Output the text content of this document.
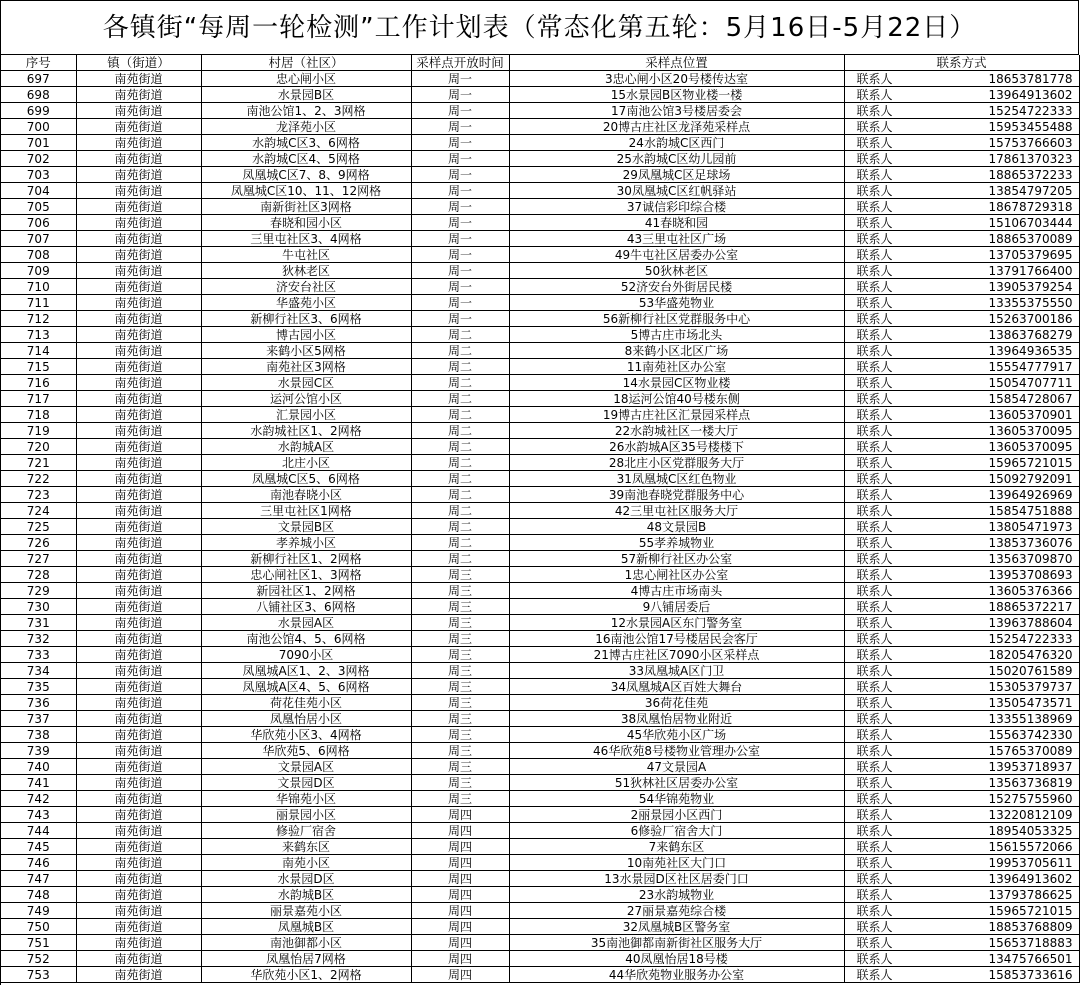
各镇街“每周一轮检测”工作计划表（常态化第五轮：5月16日-5月22日）
序号	镇（街道）	村居（社区）	采样点开放时间	采样点位置	联系方式
697	南苑街道	忠心闸小区	周一	3忠心闸小区20号楼传达室	联系人 18653781778

698	南苑街道	水景园B区	周一	15水景园B区物业楼一楼	联系人 13964913602

699	南苑街道	南池公馆1、2、3网格	周一	17南池公馆3号楼居委会	联系人 15254722333

700	南苑街道	龙泽苑小区	周一	20博古庄社区龙泽苑采样点	联系人 15953455488

701	南苑街道	水韵城C区3、6网格	周一	24水韵城C区西门	联系人 15753766603

702	南苑街道	水韵城C区4、5网格	周一	25水韵城C区幼儿园前	联系人 17861370323

703	南苑街道	凤凰城C区7、8、9网格	周一	29凤凰城C区足球场	联系人 18865372233

704	南苑街道	凤凰城C区10、11、12网格	周一	30凤凰城C区红帆驿站	联系人 13854797205

705	南苑街道	南新街社区3网格	周一	37诚信彩印综合楼	联系人 18678729318

706	南苑街道	春晓和园小区	周一	41春晓和园	联系人 15106703444

707	南苑街道	三里屯社区3、4网格	周一	43三里屯社区广场	联系人 18865370089

708	南苑街道	牛屯社区	周一	49牛屯社区居委办公室	联系人 13705379695

709	南苑街道	狄林老区	周一	50狄林老区	联系人 13791766400

710	南苑街道	济安台社区	周一	52济安台外街居民楼	联系人 13905379254

711	南苑街道	华盛苑小区	周一	53华盛苑物业	联系人 13355375550

712	南苑街道	新柳行社区3、6网格	周一	56新柳行社区党群服务中心	联系人 15263700186

713	南苑街道	博古园小区	周二	5博古庄市场北头	联系人 13863768279

714	南苑街道	来鹤小区5网格	周二	8来鹤小区北区广场	联系人 13964936535

715	南苑街道	南苑社区3网格	周二	11南苑社区办公室	联系人 15554777917

716	南苑街道	水景园C区	周二	14水景园C区物业楼	联系人 15054707711

717	南苑街道	运河公馆小区	周二	18运河公馆40号楼东侧	联系人 15854728067

718	南苑街道	汇景园小区	周二	19博古庄社区汇景园采样点	联系人 13605370901

719	南苑街道	水韵城社区1、2网格	周二	22水韵城社区一楼大厅	联系人 13605370095

720	南苑街道	水韵城A区	周二	26水韵城A区35号楼楼下	联系人 13605370095

721	南苑街道	北庄小区	周二	28北庄小区党群服务大厅	联系人 15965721015

722	南苑街道	凤凰城C区5、6网格	周二	31凤凰城C区红色物业	联系人 15092792091

723	南苑街道	南池春晓小区	周二	39南池春晓党群服务中心	联系人 13964926969

724	南苑街道	三里屯社区1网格	周二	42三里屯社区服务大厅	联系人 15854751888

725	南苑街道	文景园B区	周二	48文景园B	联系人 13805471973

726	南苑街道	孝养城小区	周二	55孝养城物业	联系人 13853736076

727	南苑街道	新柳行社区1、2网格	周二	57新柳行社区办公室	联系人 13563709870

728	南苑街道	忠心闸社区1、3网格	周三	1忠心闸社区办公室	联系人 13953708693

729	南苑街道	新园社区1、2网格	周三	4博古庄市场南头	联系人 13605376366

730	南苑街道	八铺社区3、6网格	周三	9八铺居委后	联系人 18865372217

731	南苑街道	水景园A区	周三	12水景园A区东门警务室	联系人 13963788604

732	南苑街道	南池公馆4、5、6网格	周三	16南池公馆17号楼居民会客厅	联系人 15254722333

733	南苑街道	7090小区	周三	21博古庄社区7090小区采样点	联系人 18205476320

734	南苑街道	凤凰城A区1、2、3网格	周三	33凤凰城A区门卫	联系人 15020761589

735	南苑街道	凤凰城A区4、5、6网格	周三	34凤凰城A区百姓大舞台	联系人 15305379737

736	南苑街道	荷花佳苑小区	周三	36荷花佳苑	联系人 13505473571

737	南苑街道	凤凰怡居小区	周三	38凤凰怡居物业附近	联系人 13355138969

738	南苑街道	华欣苑小区3、4网格	周三	45华欣苑小区广场	联系人 15563742330

739	南苑街道	华欣苑5、6网格	周三	46华欣苑8号楼物业管理办公室	联系人 15765370089

740	南苑街道	文景园A区	周三	47文景园A	联系人 13953718937

741	南苑街道	文景园D区	周三	51狄林社区居委办公室	联系人 13563736819

742	南苑街道	华锦苑小区	周三	54华锦苑物业	联系人 15275755960

743	南苑街道	丽景园小区	周四	2丽景园小区西门	联系人 13220812109

744	南苑街道	修验厂宿舍	周四	6修验厂宿舍大门	联系人 18954053325

745	南苑街道	来鹤东区	周四	7来鹤东区	联系人 15615572066

746	南苑街道	南苑小区	周四	10南苑社区大门口	联系人 19953705611

747	南苑街道	水景园D区	周四	13水景园D区社区居委门口	联系人 13964913602

748	南苑街道	水韵城B区	周四	23水韵城物业	联系人 13793786625

749	南苑街道	丽景嘉苑小区	周四	27丽景嘉苑综合楼	联系人 15965721015

750	南苑街道	凤凰城B区	周四	32凤凰城B区警务室	联系人 18853768809

751	南苑街道	南池御都小区	周四	35南池御都南新街社区服务大厅	联系人 15653718883

752	南苑街道	凤凰怡居7网格	周四	40凤凰怡居18号楼	联系人 13475766501

753	南苑街道	华欣苑小区1、2网格	周四	44华欣苑物业服务办公室	联系人 15853733616
